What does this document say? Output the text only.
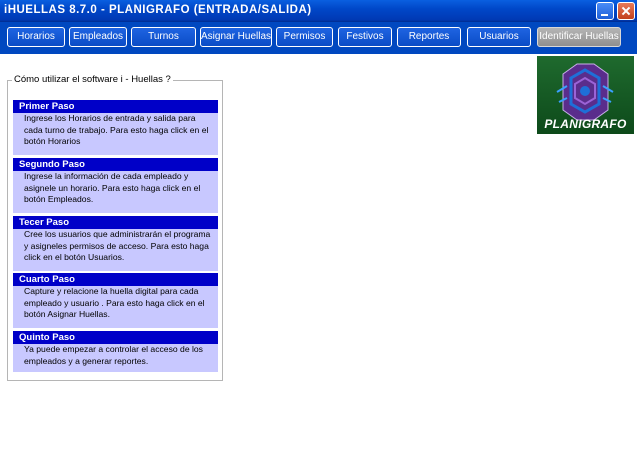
iHUELLAS 8.7.0 - PLANIGRAFO (ENTRADA/SALIDA)
Horarios	Empleados	Turnos	Asignar Huellas	Permisos	Festivos	Reportes	Usuarios	Identificar Huellas
PLANIGRAFO
Cómo utilizar el software i - Huellas ?
Primer Paso
Ingrese los Horarios de entrada y salida para cada turno de trabajo. Para esto haga click en el botón Horarios
Segundo Paso
Ingrese la información de cada empleado y asignele un horario. Para esto haga click en el botón Empleados.
Tecer Paso
Cree los usuarios que administrarán el programa y asigneles permisos de acceso. Para esto haga click en el botón Usuarios.
Cuarto Paso
Capture y relacione la huella digital para cada empleado y usuario . Para esto haga click en el botón Asignar Huellas.
Quinto Paso
Ya puede empezar a controlar el acceso de los empleados y a generar reportes.
